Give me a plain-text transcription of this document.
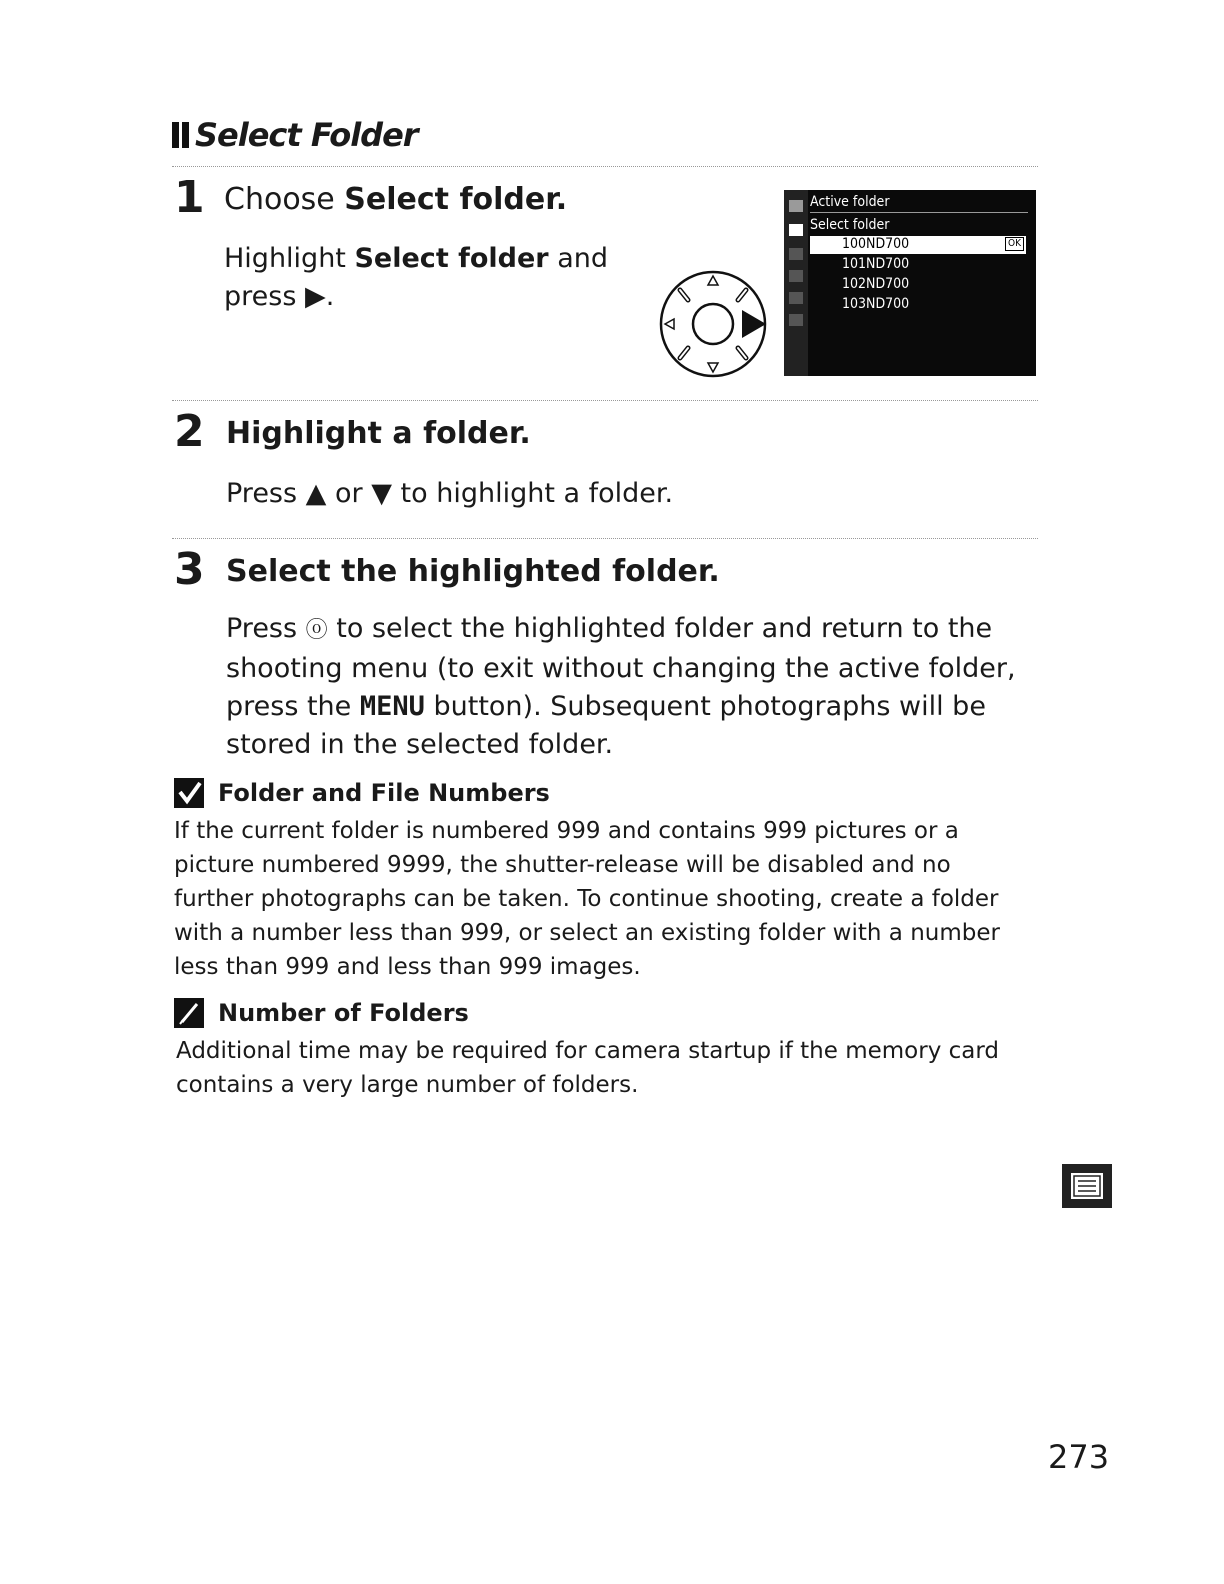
Select Folder
1 Choose Select folder.
Highlight Select folder and
press ▶.
Active folder
Select folder
100ND700	OK
101ND700
102ND700
103ND700
2 Highlight a folder.
Press ▲ or ▼ to highlight a folder.
3 Select the highlighted folder.
Press ⓞ to select the highlighted folder and return to the
shooting menu (to exit without changing the active folder,
press the MENU button). Subsequent photographs will be
stored in the selected folder.
Folder and File Numbers
If the current folder is numbered 999 and contains 999 pictures or a
picture numbered 9999, the shutter-release will be disabled and no
further photographs can be taken. To continue shooting, create a folder
with a number less than 999, or select an existing folder with a number
less than 999 and less than 999 images.
Number of Folders
Additional time may be required for camera startup if the memory card
contains a very large number of folders.
273
